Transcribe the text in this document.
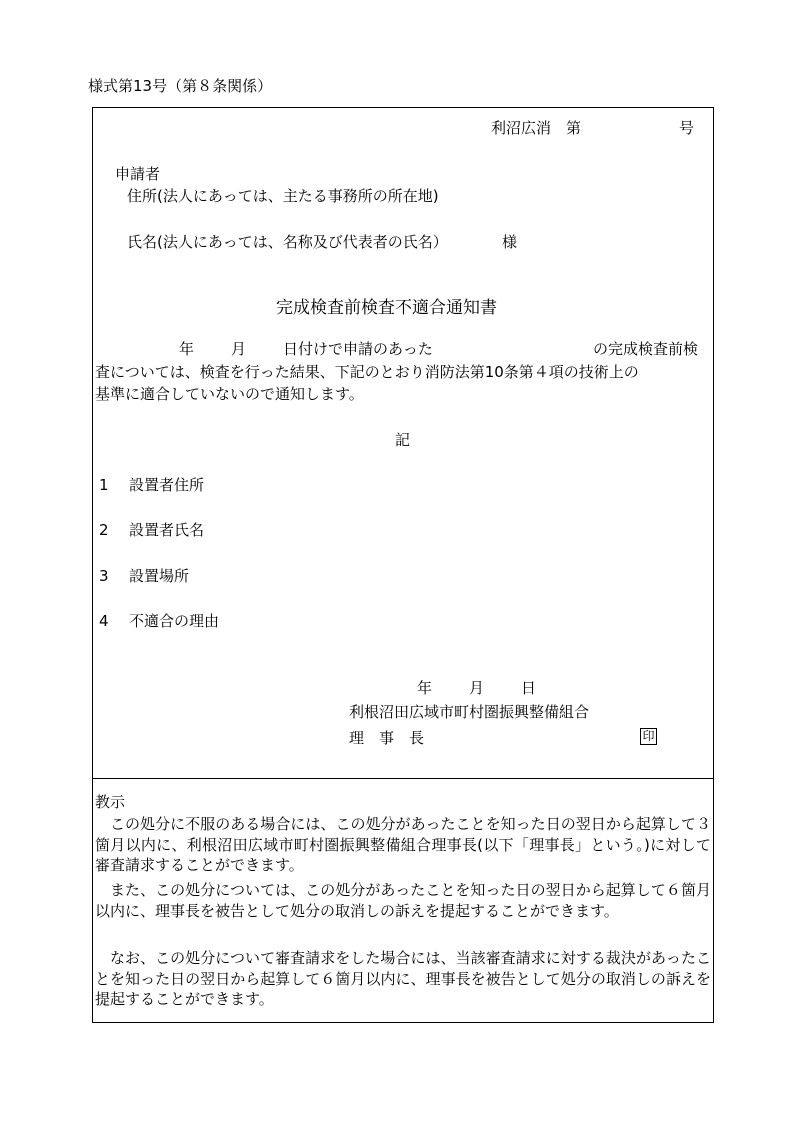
様式第13号（第８条関係）
利沼広消　第	号
申請者
住所(法人にあっては、主たる事務所の所在地)
氏名(法人にあっては、名称及び代表者の氏名）	様
完成検査前検査不適合通知書
年 月 日付けで申請のあった	の完成検査前検
査については、検査を行った結果、下記のとおり消防法第10条第４項の技術上の
基準に適合していないので通知します。
記
1 設置者住所
2 設置者氏名
3 設置場所
4 不適合の理由
年 月 日
利根沼田広域市町村圏振興整備組合
理　事　長	印
教示
この処分に不服のある場合には、この処分があったことを知った日の翌日から起算して３箇月以内に、利根沼田広域市町村圏振興整備組合理事長(以下「理事長」という。)に対して審査請求することができます。
また、この処分については、この処分があったことを知った日の翌日から起算して６箇月以内に、理事長を被告として処分の取消しの訴えを提起することができます。
なお、この処分について審査請求をした場合には、当該審査請求に対する裁決があったことを知った日の翌日から起算して６箇月以内に、理事長を被告として処分の取消しの訴えを提起することができます。
